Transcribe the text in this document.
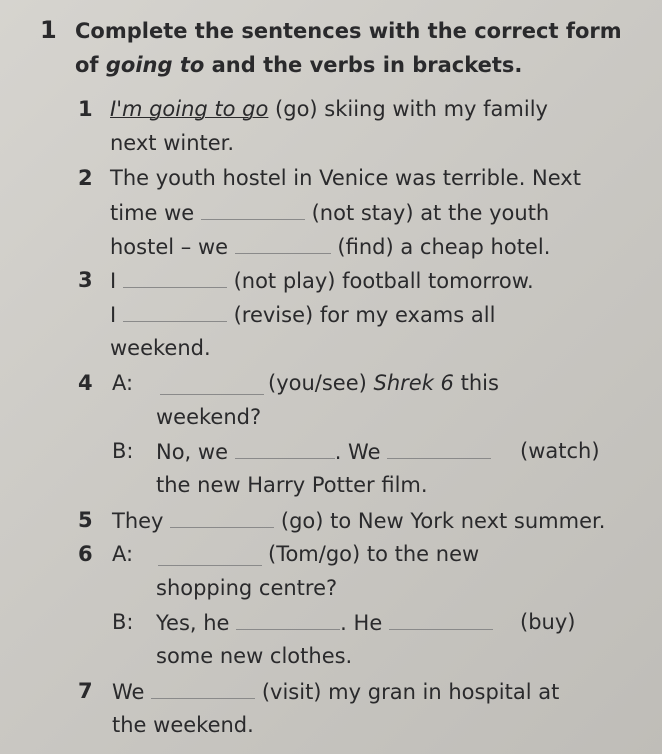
1 Complete the sentences with the correct form
of going to and the verbs in brackets.
1 I'm going to go (go) skiing with my family
next winter.
2 The youth hostel in Venice was terrible. Next
time we	(not stay) at the youth
hostel – we	(find) a cheap hotel.
3 I	(not play) football tomorrow.
I	(revise) for my exams all
weekend.
4 A:	(you/see) Shrek 6 this
weekend?
B: No, we	. We	(watch)
the new Harry Potter film.
5 They	(go) to New York next summer.
6 A:	(Tom/go) to the new
shopping centre?
B: Yes, he	. He	(buy)
some new clothes.
7 We	(visit) my gran in hospital at
the weekend.
